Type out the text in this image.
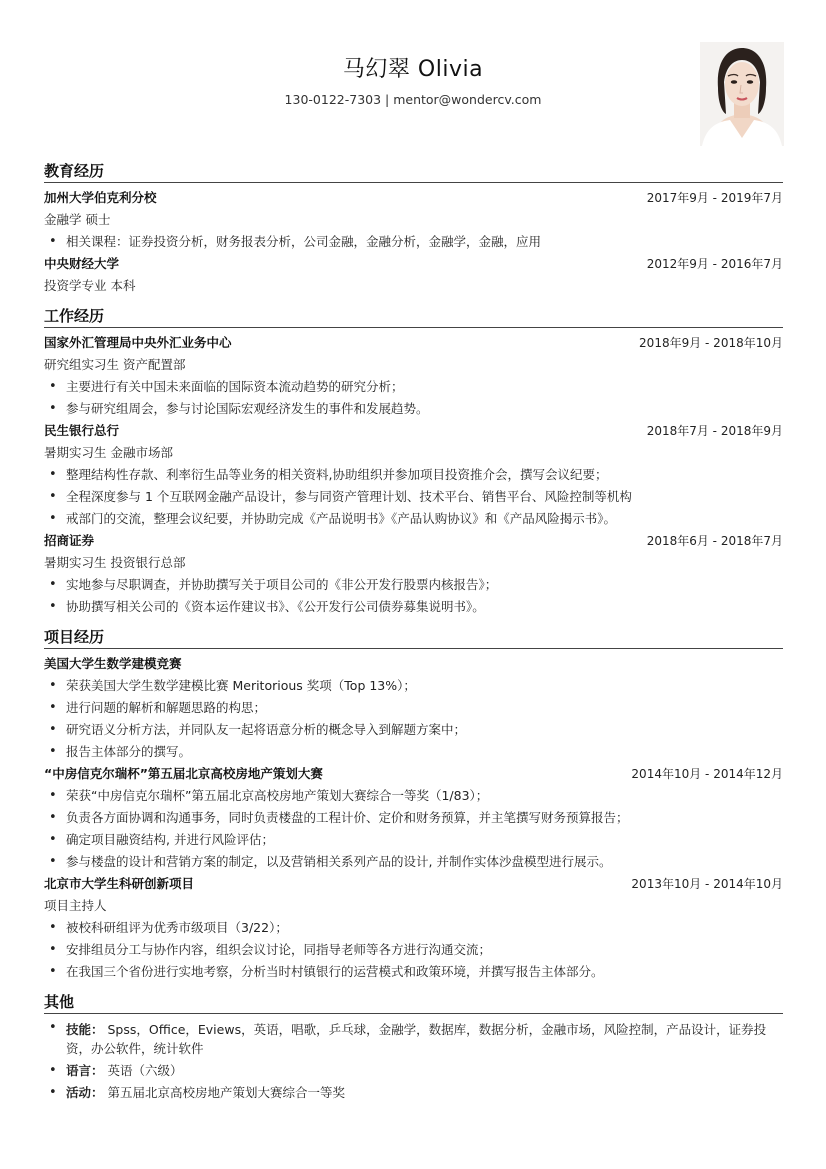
马幻翠 Olivia
130-0122-7303 | mentor@wondercv.com
教育经历
加州大学伯克利分校	2017年9月 - 2019年7月
金融学 硕士
• 相关课程：证券投资分析，财务报表分析，公司金融，金融分析，金融学，金融，应用
中央财经大学	2012年9月 - 2016年7月
投资学专业 本科
工作经历
国家外汇管理局中央外汇业务中心	2018年9月 - 2018年10月
研究组实习生 资产配置部
• 主要进行有关中国未来面临的国际资本流动趋势的研究分析；
• 参与研究组周会，参与讨论国际宏观经济发生的事件和发展趋势。
民生银行总行	2018年7月 - 2018年9月
暑期实习生 金融市场部
• 整理结构性存款、利率衍生品等业务的相关资料,协助组织并参加项目投资推介会，撰写会议纪要；
• 全程深度参与 1 个互联网金融产品设计，参与同资产管理计划、技术平台、销售平台、风险控制等机构
• 戒部门的交流，整理会议纪要，并协助完成《产品说明书》《产品认购协议》和《产品风险揭示书》。
招商证券	2018年6月 - 2018年7月
暑期实习生 投资银行总部
• 实地参与尽职调查，并协助撰写关于项目公司的《非公开发行股票内核报告》；
• 协助撰写相关公司的《资本运作建议书》、《公开发行公司债券募集说明书》。
项目经历
美国大学生数学建模竞赛
• 荣获美国大学生数学建模比赛 Meritorious 奖项（Top 13%）；
• 进行问题的解析和解题思路的构思；
• 研究语义分析方法，并同队友一起将语意分析的概念导入到解题方案中；
• 报告主体部分的撰写。
“中房信克尔瑞杯”第五届北京高校房地产策划大赛	2014年10月 - 2014年12月
• 荣获“中房信克尔瑞杯”第五届北京高校房地产策划大赛综合一等奖（1/83）；
• 负责各方面协调和沟通事务，同时负责楼盘的工程计价、定价和财务预算，并主笔撰写财务预算报告；
• 确定项目融资结构, 并进行风险评估；
• 参与楼盘的设计和营销方案的制定，以及营销相关系列产品的设计, 并制作实体沙盘模型进行展示。
北京市大学生科研创新项目	2013年10月 - 2014年10月
项目主持人
• 被校科研组评为优秀市级项目（3/22）；
• 安排组员分工与协作内容，组织会议讨论，同指导老师等各方进行沟通交流；
• 在我国三个省份进行实地考察，分析当时村镇银行的运营模式和政策环境，并撰写报告主体部分。
其他
• 技能： Spss，Office，Eviews，英语，唱歌，乒乓球，金融学，数据库，数据分析，金融市场，风险控制，产品设计，证券投资，办公软件，统计软件
• 语言： 英语（六级）
• 活动： 第五届北京高校房地产策划大赛综合一等奖
